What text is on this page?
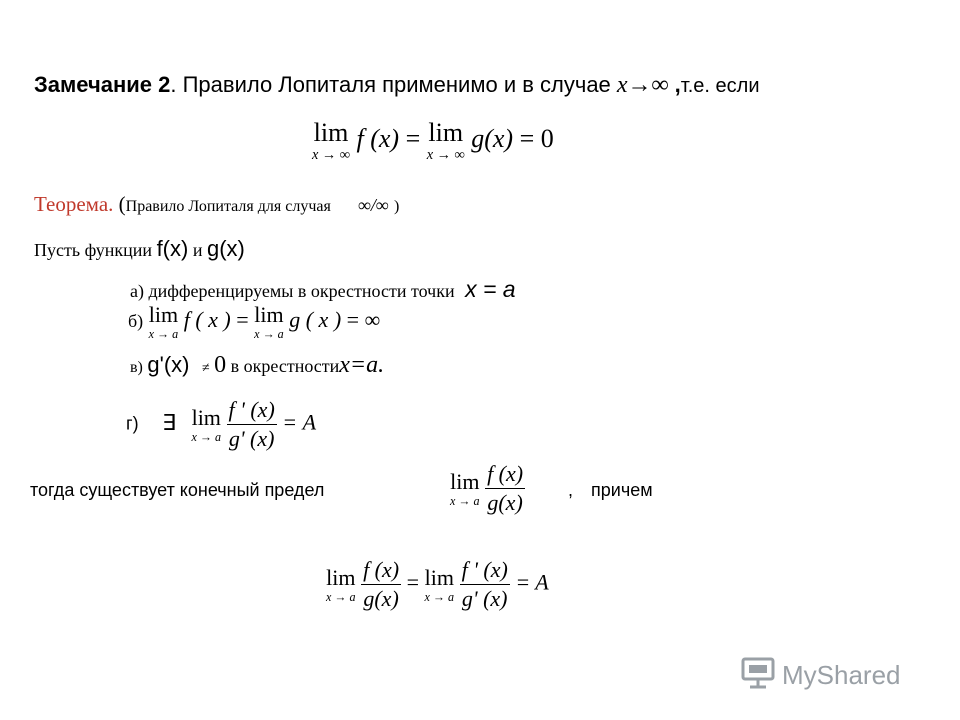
Замечание 2. Правило Лопиталя применимо и в случае x→∞ ,т.е. если
lim
x → ∞
f (x) = lim
x → ∞
g(x) = 0
Теорема. (Правило Лопиталя для случая ∞/∞ )
Пусть функции f(x) и g(x)
а) дифференцируемы в окрестности точки x = a
б) lim
x → a
f ( x ) = lim
x → a
g ( x ) = ∞
в) g'(x) ≠ 0 в окрестностиx=a.
г) ∃ lim
x → a
$\frac{f ' (x)}{g' (x)} = A$
тогда существует конечный предел	lim
x → a
$\frac{f (x)}{g(x)}$ , причем
lim
x → a
$\frac{f (x)}{g(x)} = \lim$
x → a
$\frac{f ' (x)}{g' (x)} = A$
MyShared
